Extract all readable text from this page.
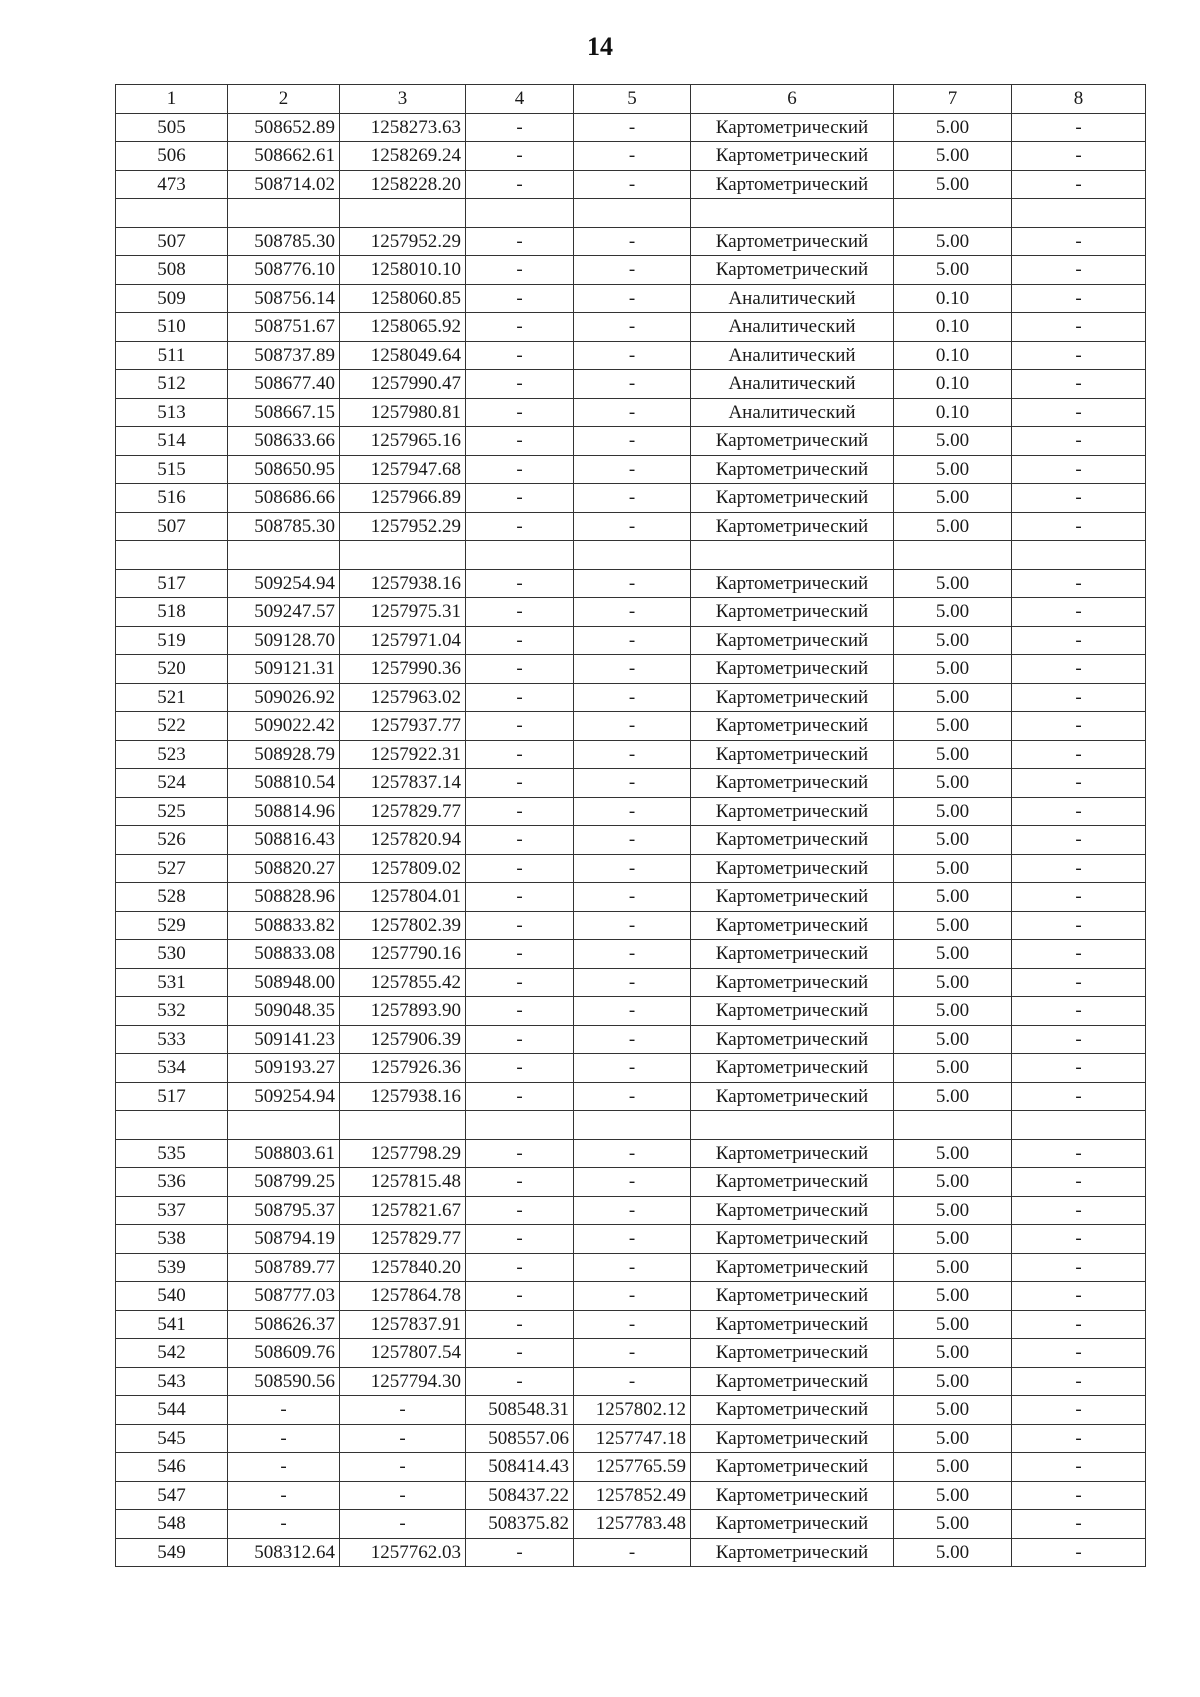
14
1	2	3	4	5	6	7	8
505	508652.89	1258273.63	-	-	Картометрический	5.00	-
506	508662.61	1258269.24	-	-	Картометрический	5.00	-
473	508714.02	1258228.20	-	-	Картометрический	5.00	-

507	508785.30	1257952.29	-	-	Картометрический	5.00	-
508	508776.10	1258010.10	-	-	Картометрический	5.00	-
509	508756.14	1258060.85	-	-	Аналитический	0.10	-
510	508751.67	1258065.92	-	-	Аналитический	0.10	-
511	508737.89	1258049.64	-	-	Аналитический	0.10	-
512	508677.40	1257990.47	-	-	Аналитический	0.10	-
513	508667.15	1257980.81	-	-	Аналитический	0.10	-
514	508633.66	1257965.16	-	-	Картометрический	5.00	-
515	508650.95	1257947.68	-	-	Картометрический	5.00	-
516	508686.66	1257966.89	-	-	Картометрический	5.00	-
507	508785.30	1257952.29	-	-	Картометрический	5.00	-

517	509254.94	1257938.16	-	-	Картометрический	5.00	-
518	509247.57	1257975.31	-	-	Картометрический	5.00	-
519	509128.70	1257971.04	-	-	Картометрический	5.00	-
520	509121.31	1257990.36	-	-	Картометрический	5.00	-
521	509026.92	1257963.02	-	-	Картометрический	5.00	-
522	509022.42	1257937.77	-	-	Картометрический	5.00	-
523	508928.79	1257922.31	-	-	Картометрический	5.00	-
524	508810.54	1257837.14	-	-	Картометрический	5.00	-
525	508814.96	1257829.77	-	-	Картометрический	5.00	-
526	508816.43	1257820.94	-	-	Картометрический	5.00	-
527	508820.27	1257809.02	-	-	Картометрический	5.00	-
528	508828.96	1257804.01	-	-	Картометрический	5.00	-
529	508833.82	1257802.39	-	-	Картометрический	5.00	-
530	508833.08	1257790.16	-	-	Картометрический	5.00	-
531	508948.00	1257855.42	-	-	Картометрический	5.00	-
532	509048.35	1257893.90	-	-	Картометрический	5.00	-
533	509141.23	1257906.39	-	-	Картометрический	5.00	-
534	509193.27	1257926.36	-	-	Картометрический	5.00	-
517	509254.94	1257938.16	-	-	Картометрический	5.00	-

535	508803.61	1257798.29	-	-	Картометрический	5.00	-
536	508799.25	1257815.48	-	-	Картометрический	5.00	-
537	508795.37	1257821.67	-	-	Картометрический	5.00	-
538	508794.19	1257829.77	-	-	Картометрический	5.00	-
539	508789.77	1257840.20	-	-	Картометрический	5.00	-
540	508777.03	1257864.78	-	-	Картометрический	5.00	-
541	508626.37	1257837.91	-	-	Картометрический	5.00	-
542	508609.76	1257807.54	-	-	Картометрический	5.00	-
543	508590.56	1257794.30	-	-	Картометрический	5.00	-
544	-	-	508548.31	1257802.12	Картометрический	5.00	-
545	-	-	508557.06	1257747.18	Картометрический	5.00	-
546	-	-	508414.43	1257765.59	Картометрический	5.00	-
547	-	-	508437.22	1257852.49	Картометрический	5.00	-
548	-	-	508375.82	1257783.48	Картометрический	5.00	-
549	508312.64	1257762.03	-	-	Картометрический	5.00	-
